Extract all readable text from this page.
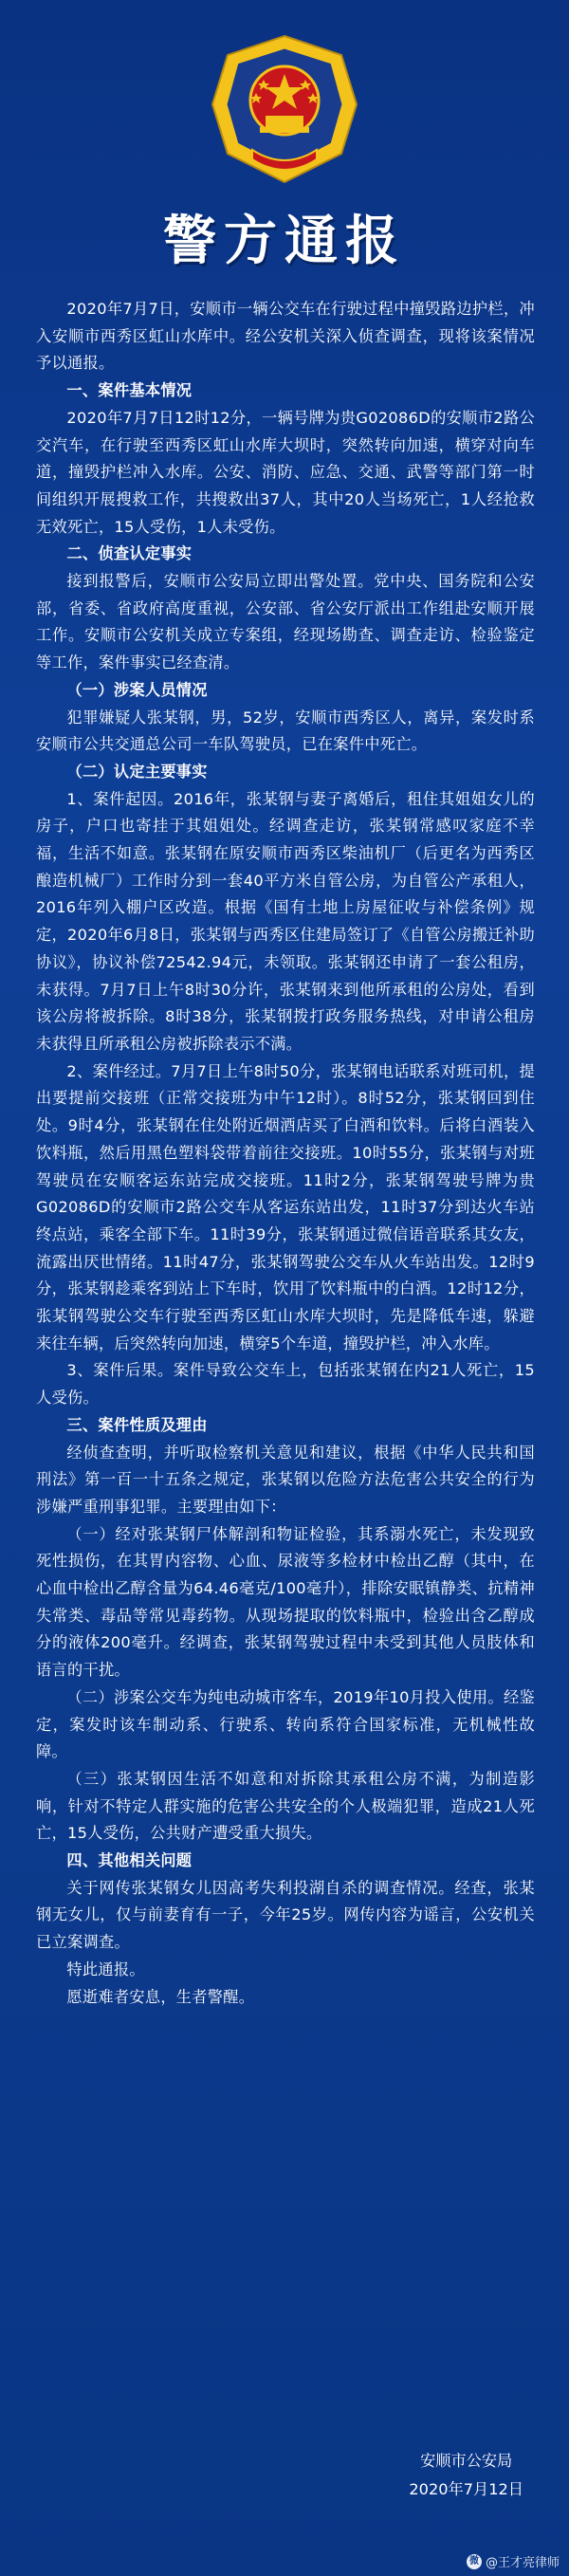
警方通报

2020年7月7日，安顺市一辆公交车在行驶过程中撞毁路边护栏，冲入安顺市西秀区虹山水库中。经公安机关深入侦查调查，现将该案情况予以通报。

一、案件基本情况

2020年7月7日12时12分，一辆号牌为贵G02086D的安顺市2路公交汽车，在行驶至西秀区虹山水库大坝时，突然转向加速，横穿对向车道，撞毁护栏冲入水库。公安、消防、应急、交通、武警等部门第一时间组织开展搜救工作，共搜救出37人，其中20人当场死亡，1人经抢救无效死亡，15人受伤，1人未受伤。

二、侦查认定事实

接到报警后，安顺市公安局立即出警处置。党中央、国务院和公安部，省委、省政府高度重视，公安部、省公安厅派出工作组赴安顺开展工作。安顺市公安机关成立专案组，经现场勘查、调查走访、检验鉴定等工作，案件事实已经查清。

（一）涉案人员情况

犯罪嫌疑人张某钢，男，52岁，安顺市西秀区人，离异，案发时系安顺市公共交通总公司一车队驾驶员，已在案件中死亡。

（二）认定主要事实

1、案件起因。2016年，张某钢与妻子离婚后，租住其姐姐女儿的房子，户口也寄挂于其姐姐处。经调查走访，张某钢常感叹家庭不幸福，生活不如意。张某钢在原安顺市西秀区柴油机厂（后更名为西秀区酿造机械厂）工作时分到一套40平方米自管公房，为自管公产承租人，2016年列入棚户区改造。根据《国有土地上房屋征收与补偿条例》规定，2020年6月8日，张某钢与西秀区住建局签订了《自管公房搬迁补助协议》，协议补偿72542.94元，未领取。张某钢还申请了一套公租房，未获得。7月7日上午8时30分许，张某钢来到他所承租的公房处，看到该公房将被拆除。8时38分，张某钢拨打政务服务热线，对申请公租房未获得且所承租公房被拆除表示不满。

2、案件经过。7月7日上午8时50分，张某钢电话联系对班司机，提出要提前交接班（正常交接班为中午12时）。8时52分，张某钢回到住处。9时4分，张某钢在住处附近烟酒店买了白酒和饮料。后将白酒装入饮料瓶，然后用黑色塑料袋带着前往交接班。10时55分，张某钢与对班驾驶员在安顺客运东站完成交接班。11时2分，张某钢驾驶号牌为贵G02086D的安顺市2路公交车从客运东站出发，11时37分到达火车站终点站，乘客全部下车。11时39分，张某钢通过微信语音联系其女友，流露出厌世情绪。11时47分，张某钢驾驶公交车从火车站出发。12时9分，张某钢趁乘客到站上下车时，饮用了饮料瓶中的白酒。12时12分，张某钢驾驶公交车行驶至西秀区虹山水库大坝时，先是降低车速，躲避来往车辆，后突然转向加速，横穿5个车道，撞毁护栏，冲入水库。

3、案件后果。案件导致公交车上，包括张某钢在内21人死亡，15人受伤。

三、案件性质及理由

经侦查查明，并听取检察机关意见和建议，根据《中华人民共和国刑法》第一百一十五条之规定，张某钢以危险方法危害公共安全的行为涉嫌严重刑事犯罪。主要理由如下：

（一）经对张某钢尸体解剖和物证检验，其系溺水死亡，未发现致死性损伤，在其胃内容物、心血、尿液等多检材中检出乙醇（其中，在心血中检出乙醇含量为64.46毫克/100毫升），排除安眠镇静类、抗精神失常类、毒品等常见毒药物。从现场提取的饮料瓶中，检验出含乙醇成分的液体200毫升。经调查，张某钢驾驶过程中未受到其他人员肢体和语言的干扰。

（二）涉案公交车为纯电动城市客车，2019年10月投入使用。经鉴定，案发时该车制动系、行驶系、转向系符合国家标准，无机械性故障。

（三）张某钢因生活不如意和对拆除其承租公房不满，为制造影响，针对不特定人群实施的危害公共安全的个人极端犯罪，造成21人死亡，15人受伤，公共财产遭受重大损失。

四、其他相关问题

关于网传张某钢女儿因高考失利投湖自杀的调查情况。经查，张某钢无女儿，仅与前妻育有一子，今年25岁。网传内容为谣言，公安机关已立案调查。

特此通报。

愿逝难者安息，生者警醒。

安顺市公安局
2020年7月12日
微 @王才亮律师
